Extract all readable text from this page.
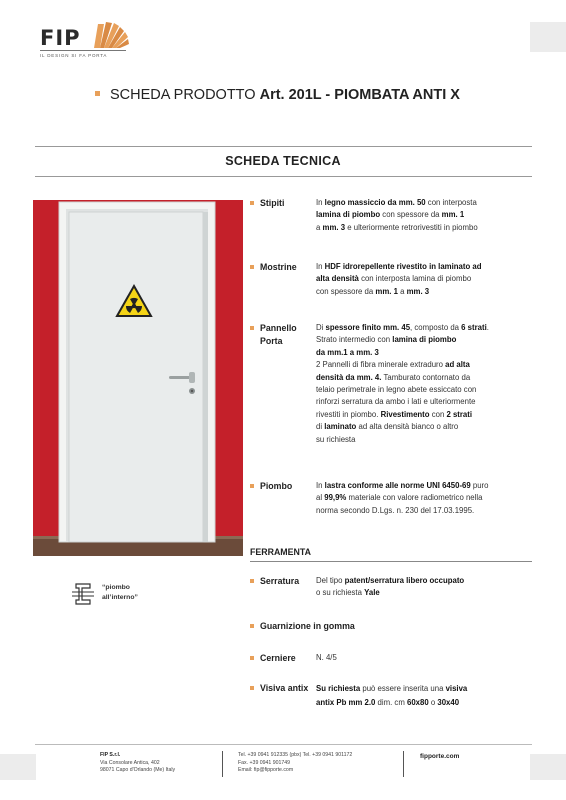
FIP
IL DESIGN SI FA PORTA
SCHEDA PRODOTTO Art. 201L - PIOMBATA ANTI X
SCHEDA TECNICA
“piombo
all’interno”
Stipiti	In legno massiccio da mm. 50 con interposta
lamina di piombo con spessore da mm. 1
a mm. 3 e ulteriormente retrorivestiti in piombo
Mostrine	In HDF idrorepellente rivestito in laminato ad
alta densità con interposta lamina di piombo
con spessore da mm. 1 a mm. 3
Pannello Porta
Di spessore finito mm. 45, composto da 6 strati.
Strato intermedio con lamina di piombo
da mm.1 a mm. 3
2 Pannelli di fibra minerale extraduro ad alta
densità da mm. 4. Tamburato contornato da
telaio perimetrale in legno abete essiccato con
rinforzi serratura da ambo i lati e ulteriormente
rivestiti in piombo. Rivestimento con 2 strati
di laminato ad alta densità bianco o altro
su richiesta
Piombo	In lastra conforme alle norme UNI 6450-69 puro
al 99,9% materiale con valore radiometrico nella
norma secondo D.Lgs. n. 230 del 17.03.1995.
FERRAMENTA
Serratura	Del tipo patent/serratura libero occupato
o su richiesta Yale
Guarnizione in gomma
Cerniere	N. 4/5
Visiva antix Su richiesta può essere inserita una visiva
antix Pb mm 2.0 dim. cm 60x80 o 30x40
FIP S.r.l.
Via Consolare Antica, 402
98071 Capo d'Orlando (Me) Italy
Tel. +39 0941 912335 (pbx) Tel. +39 0941 901172
Fax. +39 0941 901749
Email: fip@fipporte.com
fipporte.com
